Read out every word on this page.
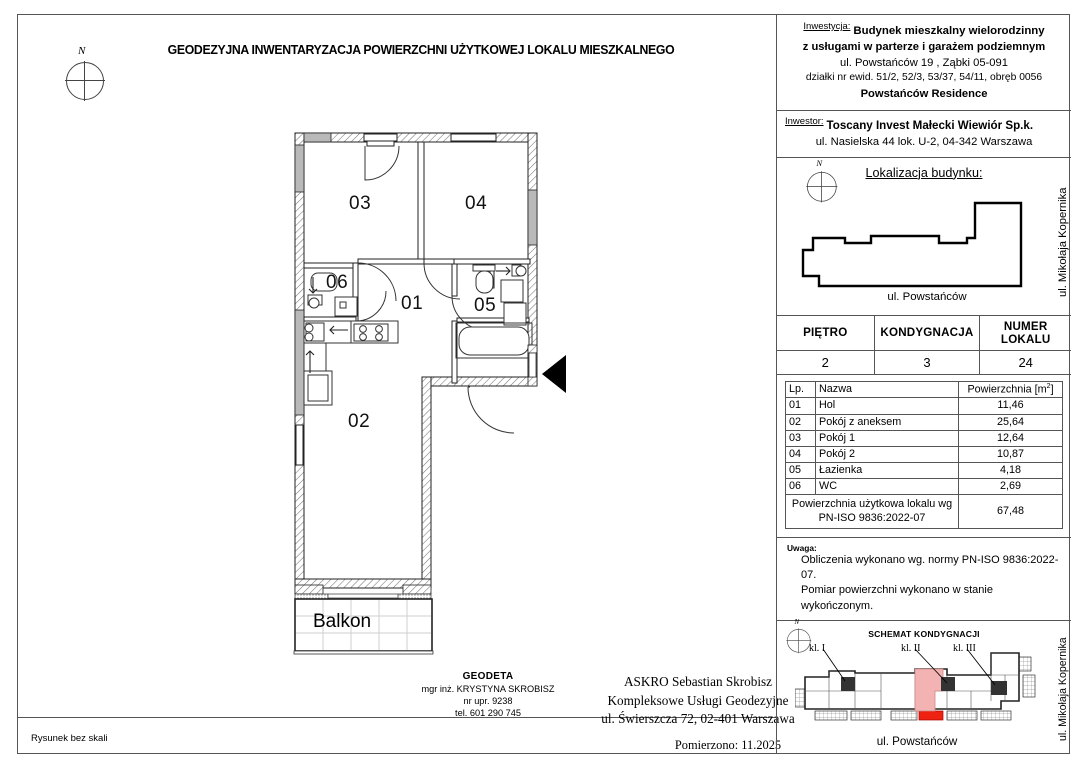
N	GEODEZYJNA INWENTARYZACJA POWIERZCHNI UŻYTKOWEJ LOKALU MIESZKALNEGO
01
02
03	04
05
06
Balkon
GEODETA
mgr inż. KRYSTYNA SKROBISZ
nr upr. 9238
tel. 601 290 745
ASKRO Sebastian Skrobisz
Kompleksowe Usługi Geodezyjne
ul. Świerszcza 72, 02-401 Warszawa
Pomierzono: 11.2025
Rysunek bez skali
Inwestycja: Budynek mieszkalny wielorodzinny
z usługami w parterze i garażem podziemnym
ul. Powstańców 19 , Ząbki 05-091
działki nr ewid. 51/2, 52/3, 53/37, 54/11, obręb 0056
Powstańców Residence
Inwestor: Toscany Invest Małecki Wiewiór Sp.k.
ul. Nasielska 44 lok. U-2, 04-342 Warszawa
Lokalizacja budynku:
N
ul. Powstańców
ul. Mikołaja Kopernika
PIĘTRO	KONDYGNACJA	NUMER LOKALU
2	3	24
Lp.	Nazwa	Powierzchnia $[m^2]$
01	Hol	11,46
02	Pokój z aneksem	25,64
03	Pokój 1	12,64
04	Pokój 2	10,87
05	Łazienka	4,18
06	WC	2,69

Powierzchnia użytkowa lokalu wg
PN-ISO 9836:2022-07		67,48
Uwaga:
Obliczenia wykonano wg. normy PN-ISO 9836:2022-07.
Pomiar powierzchni wykonano w stanie wykończonym.
SCHEMAT KONDYGNACJI
N
kl. I	kl. II	kl. III
ul. Powstańców
ul. Mikołaja Kopernika
